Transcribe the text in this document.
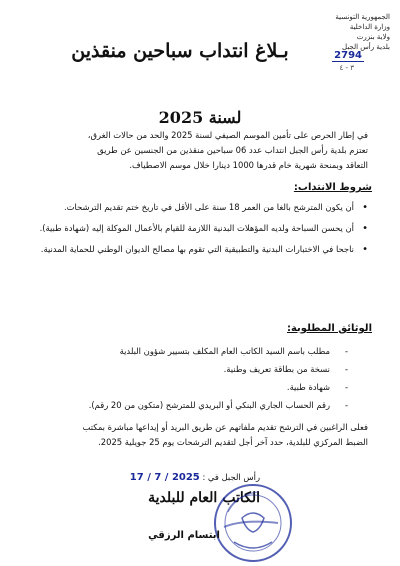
الجمهورية التونسية
وزارة الداخلية
ولاية بنزرت
بلدية رأس الجبل
2794
٣ - ٤
بـلاغ انتداب سباحين منقذين
لسنة 2025
في إطار الحرص على تأمين الموسم الصيفي لسنة 2025 والحد من حالات الغرق،
تعتزم بلدية رأس الجبل انتداب عدد 06 سباحين منقذين من الجنسين عن طريق
التعاقد وبمنحة شهرية خام قدرها 1000 دينارا خلال موسم الاصطياف.
شروط الانتداب:
• أن يكون المترشح بالغا من العمر 18 سنة على الأقل في تاريخ ختم تقديم الترشحات.
• أن يحسن السباحة ولديه المؤهلات البدنية اللازمة للقيام بالأعمال الموكلة إليه (شهادة طبية).
• ناجحا في الاختبارات البدنية والتطبيقية التي تقوم بها مصالح الديوان الوطني للحماية المدنية.
الوثائق المطلوبة:
- مطلب باسم السيد الكاتب العام المكلف بتسيير شؤون البلدية
- نسخة من بطاقة تعريف وطنية.
- شهادة طبية.
- رقم الحساب الجاري البنكي أو البريدي للمترشح (متكون من 20 رقم).
فعلى الراغبين في الترشح تقديم ملفاتهم عن طريق البريد أو إيداعها مباشرة بمكتب
الضبط المركزي للبلدية، حدد آخر أجل لتقديم الترشحات يوم 25 جويلية 2025.
رأس الجبل في : 2025 / 7 / 17
الكاتب العام للبلدية
ابتسام الرزقي
